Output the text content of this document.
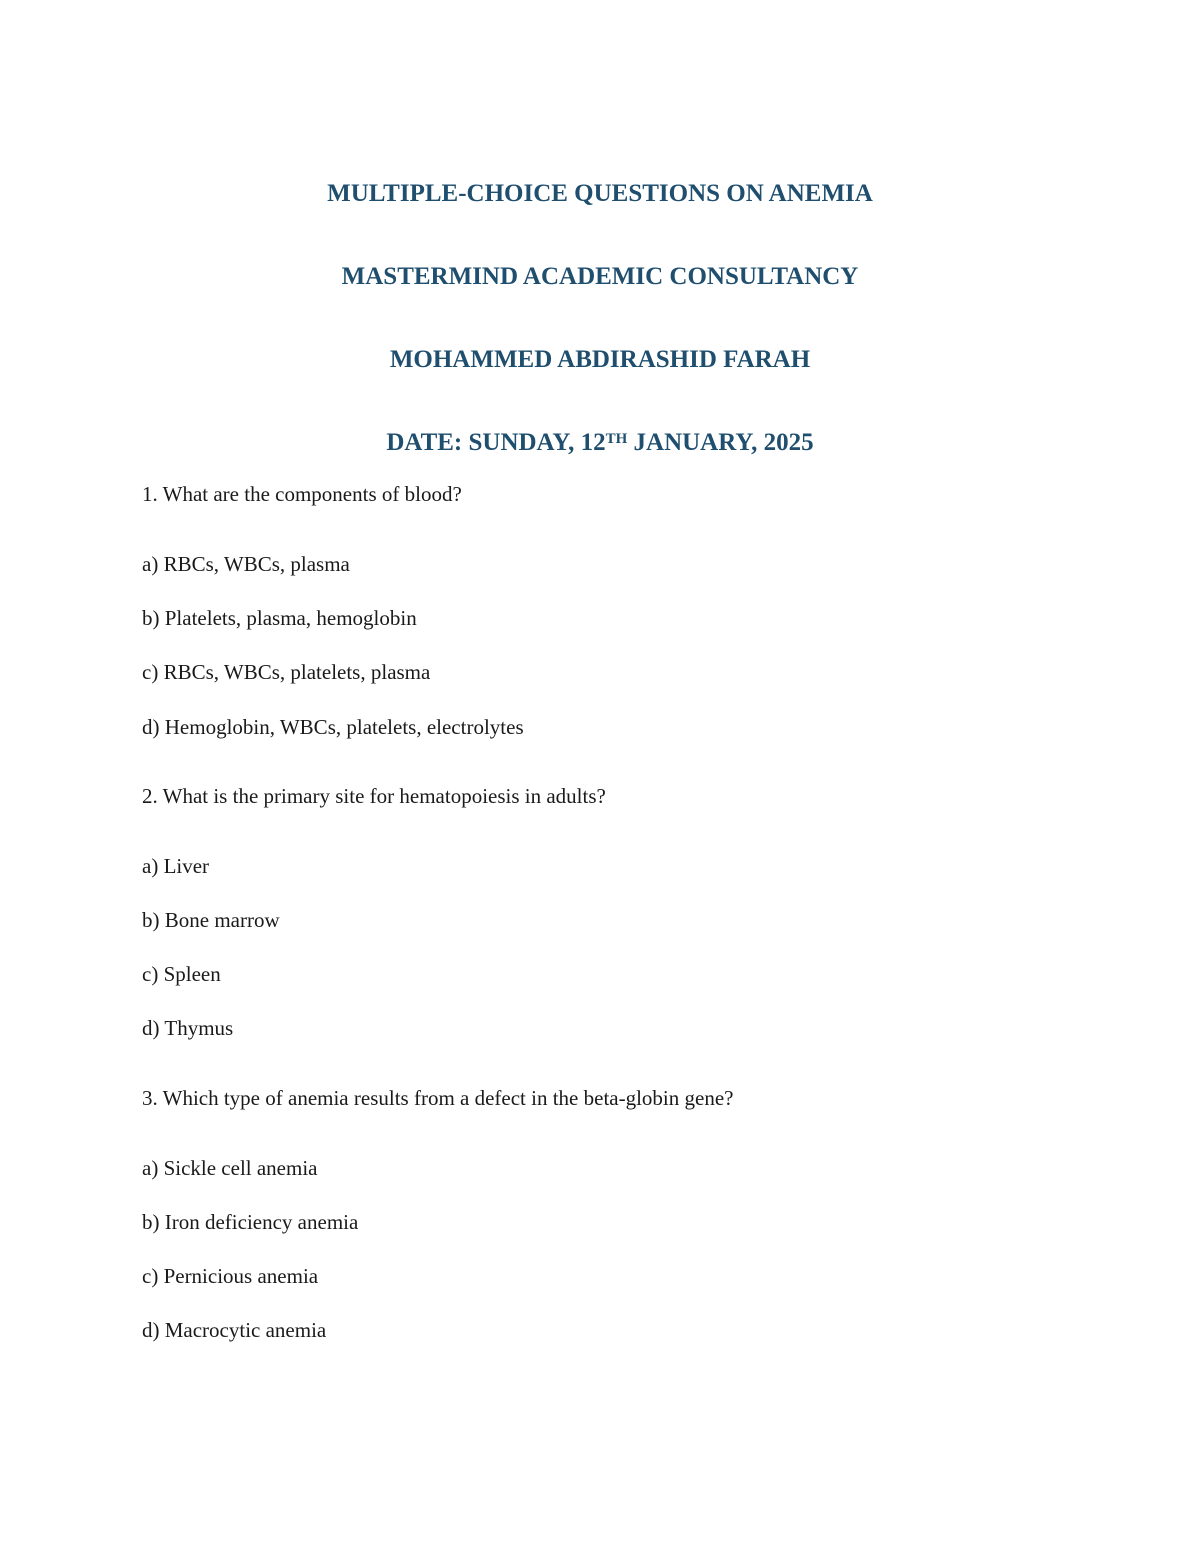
MULTIPLE-CHOICE QUESTIONS ON ANEMIA
MASTERMIND ACADEMIC CONSULTANCY
MOHAMMED ABDIRASHID FARAH
DATE: SUNDAY, 12TH JANUARY, 2025

1. What are the components of blood?

a) RBCs, WBCs, plasma

b) Platelets, plasma, hemoglobin

c) RBCs, WBCs, platelets, plasma

d) Hemoglobin, WBCs, platelets, electrolytes

2. What is the primary site for hematopoiesis in adults?

a) Liver

b) Bone marrow

c) Spleen

d) Thymus

3. Which type of anemia results from a defect in the beta-globin gene?

a) Sickle cell anemia

b) Iron deficiency anemia

c) Pernicious anemia

d) Macrocytic anemia
